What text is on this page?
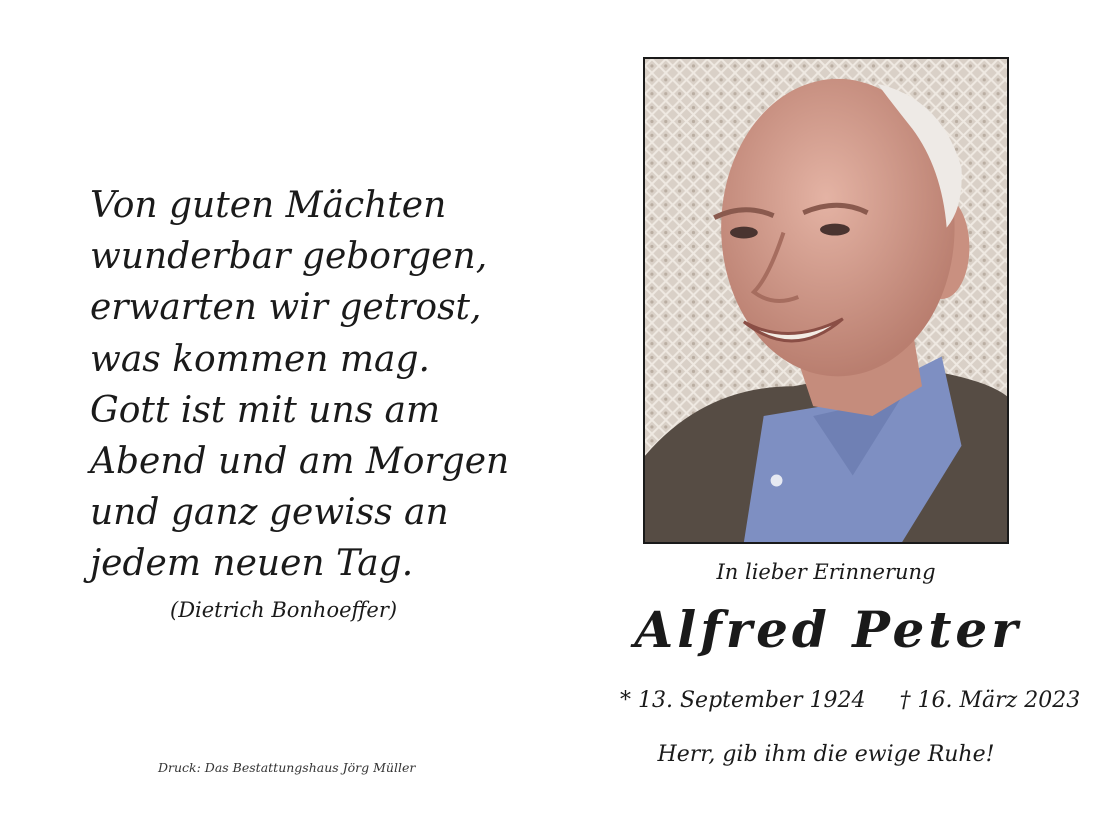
Von guten Mächten
wunderbar geborgen,
erwarten wir getrost,
was kommen mag.
Gott ist mit uns am
Abend und am Morgen
und ganz gewiss an
jedem neuen Tag.
(Dietrich Bonhoeffer)
Druck: Das Bestattungshaus Jörg Müller
In lieber Erinnerung
Alfred Peter
* 13. September 1924 † 16. März 2023
Herr, gib ihm die ewige Ruhe!
